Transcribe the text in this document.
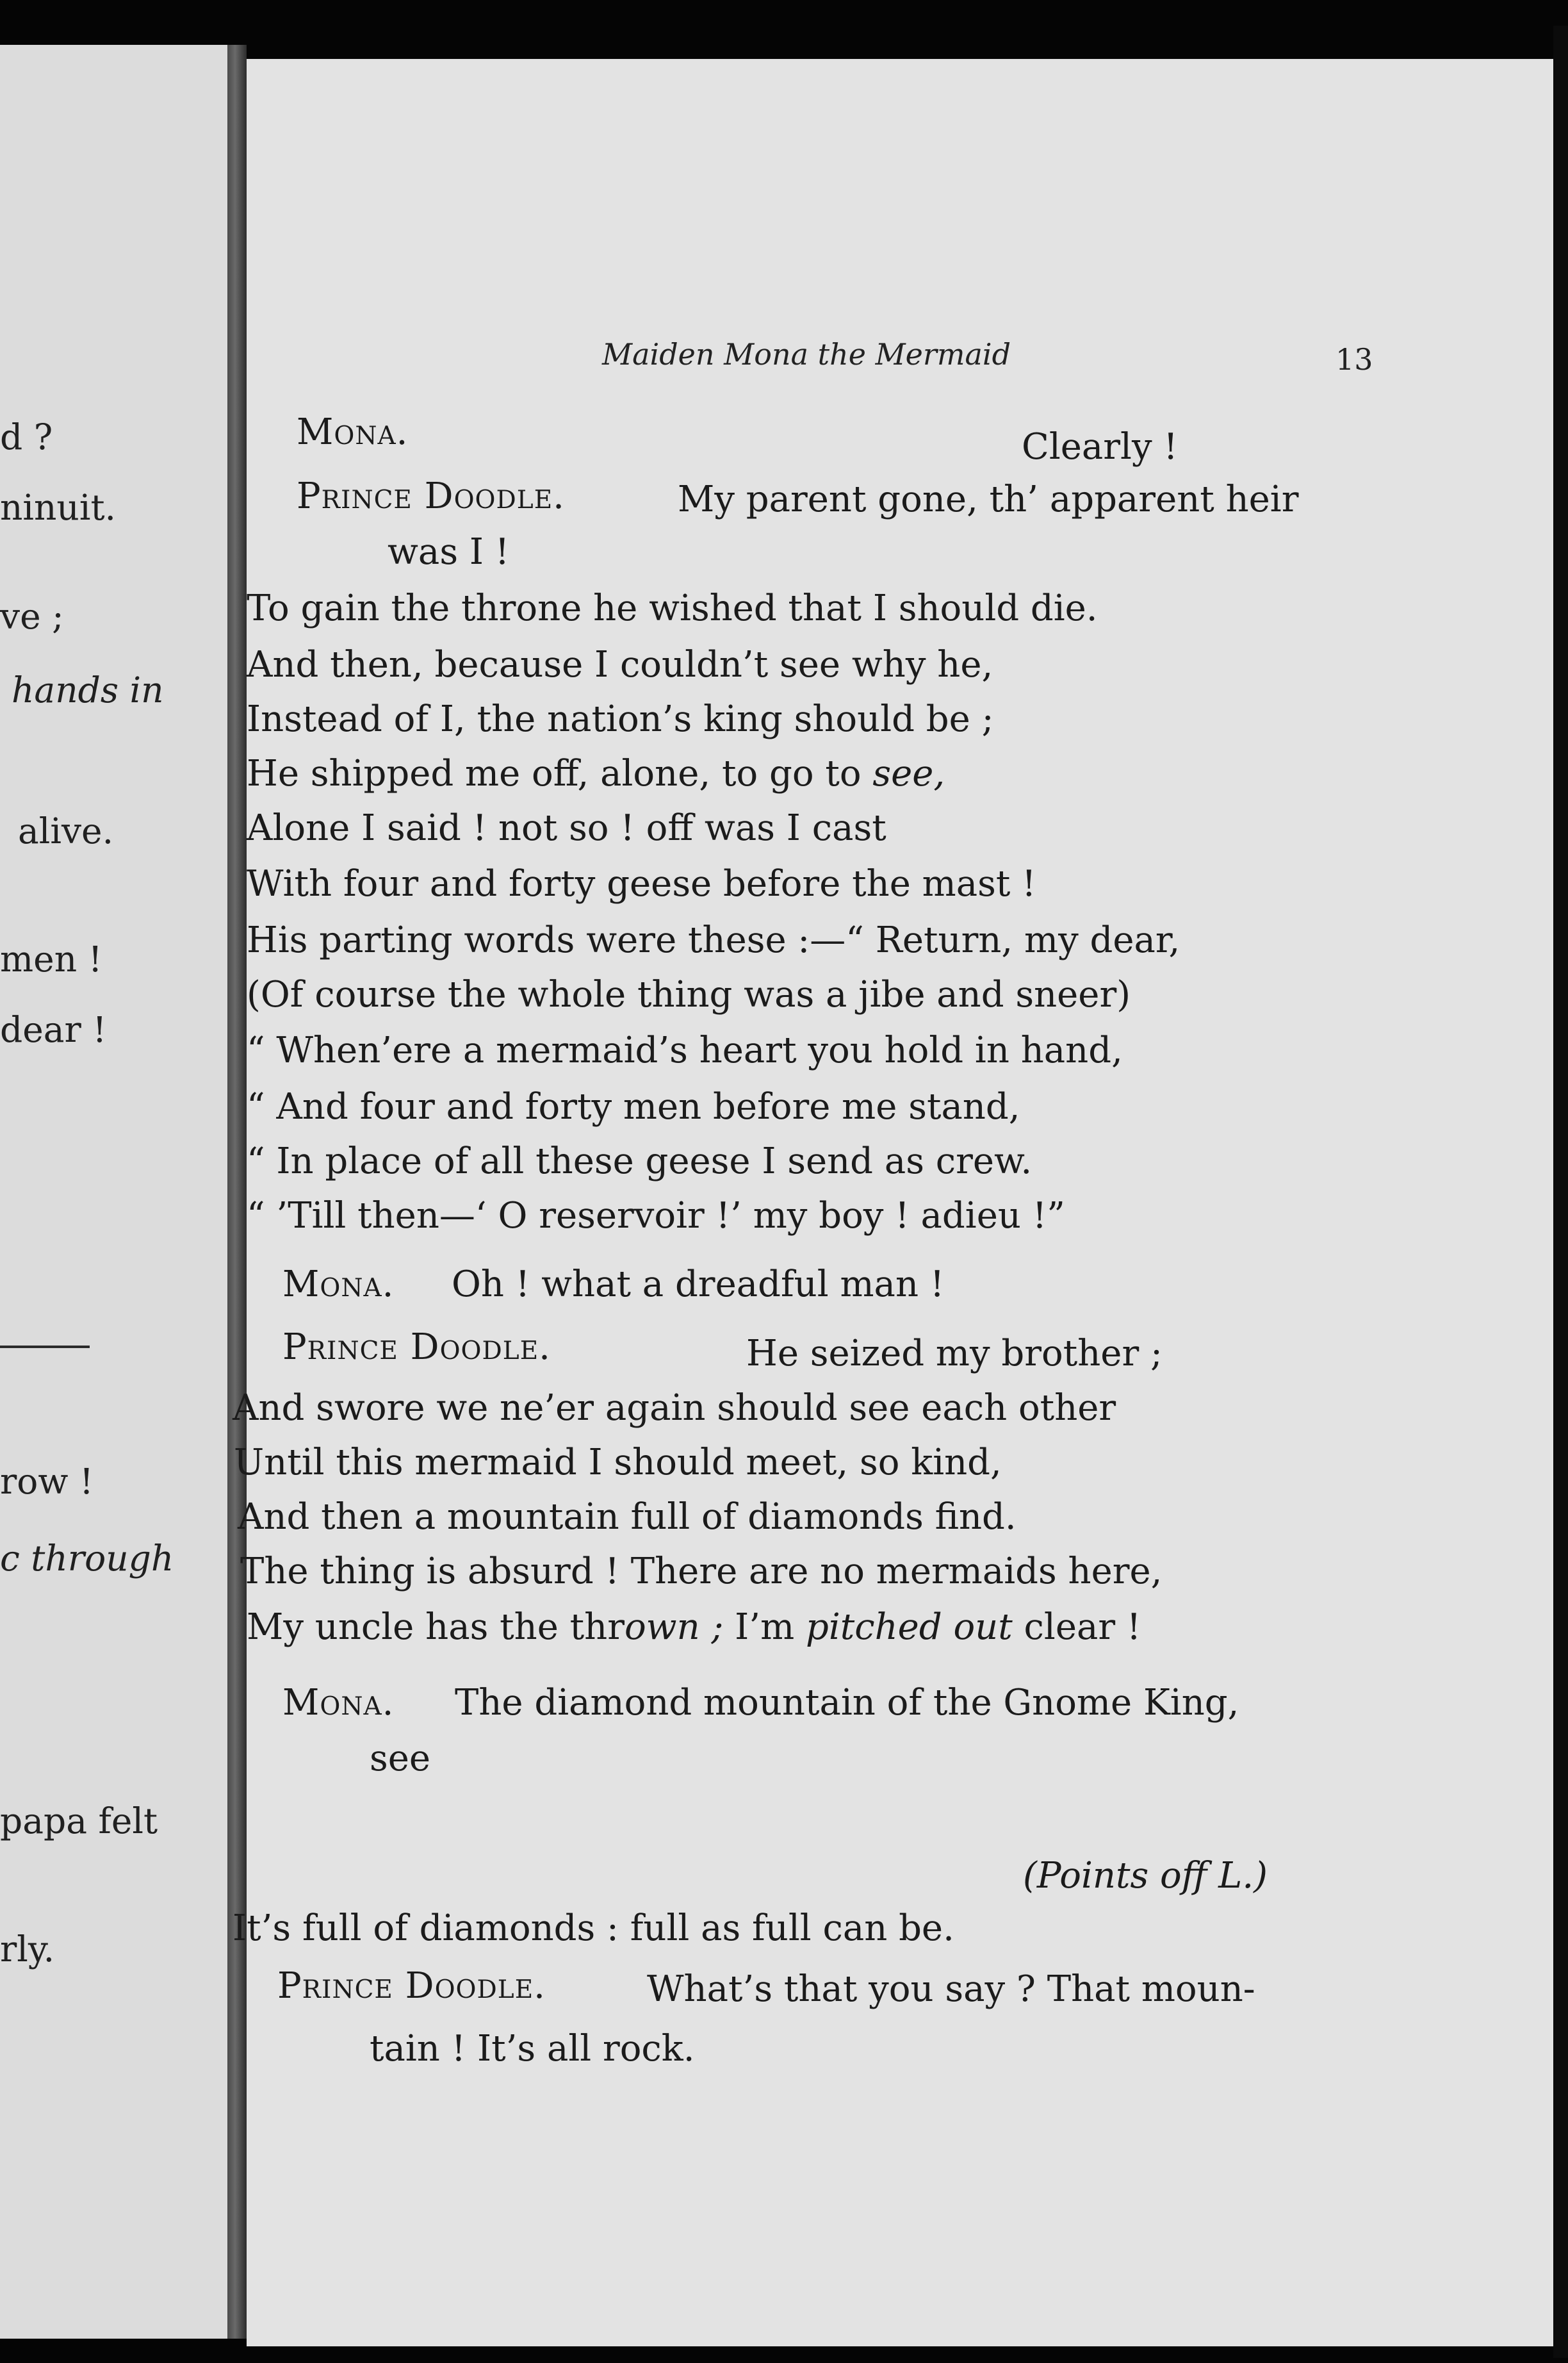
d ?
ninuit.
ve ;
hands in
alive.
men !
dear !
row !
c through
papa felt
rly.
Maiden Mona the Mermaid	13
Mona.	Clearly !
Prince Doodle.	My parent gone, th’ apparent heir
was I !
To gain the throne he wished that I should die.
And then, because I couldn’t see why he,
Instead of I, the nation’s king should be ;
He shipped me off, alone, to go to see,
Alone I said ! not so ! off was I cast
With four and forty geese before the mast !
His parting words were these :—“ Return, my dear,
(Of course the whole thing was a jibe and sneer)
“ When’ere a mermaid’s heart you hold in hand,
“ And four and forty men before me stand,
“ In place of all these geese I send as crew.
“ ’Till then—‘ O reservoir !’ my boy ! adieu !”
Mona. Oh ! what a dreadful man !
Prince Doodle.	He seized my brother ;
And swore we ne’er again should see each other
Until this mermaid I should meet, so kind,
And then a mountain full of diamonds find.
The thing is absurd ! There are no mermaids here,
My uncle has the thrown ; I’m pitched out clear !
Mona. The diamond mountain of the Gnome King,
see
(Points off L.)
It’s full of diamonds : full as full can be.
Prince Doodle.	What’s that you say ? That moun-
tain ! It’s all rock.
